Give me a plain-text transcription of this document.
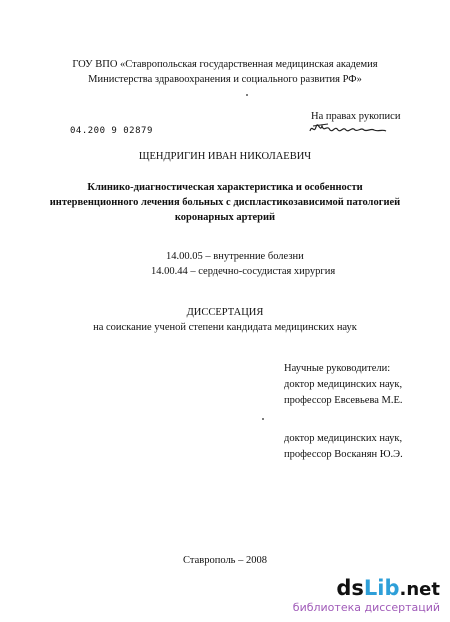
ГОУ ВПО «Ставропольская государственная медицинская академия
Министерства здравоохранения и социального развития РФ»
На правах рукописи
04.200 9 02879
ЩЕНДРИГИН ИВАН НИКОЛАЕВИЧ
Клинико-диагностическая характеристика и особенности
интервенционного лечения больных с диспластикозависимой патологией
коронарных артерий
14.00.05 – внутренние болезни
14.00.44 – сердечно-сосудистая хирургия
ДИССЕРТАЦИЯ
на соискание ученой степени кандидата медицинских наук
Научные руководители:
доктор медицинских наук,
профессор Евсевьева М.Е.
доктор медицинских наук,
профессор Восканян Ю.Э.
Ставрополь – 2008
dsLib.net
библиотека диссертаций
